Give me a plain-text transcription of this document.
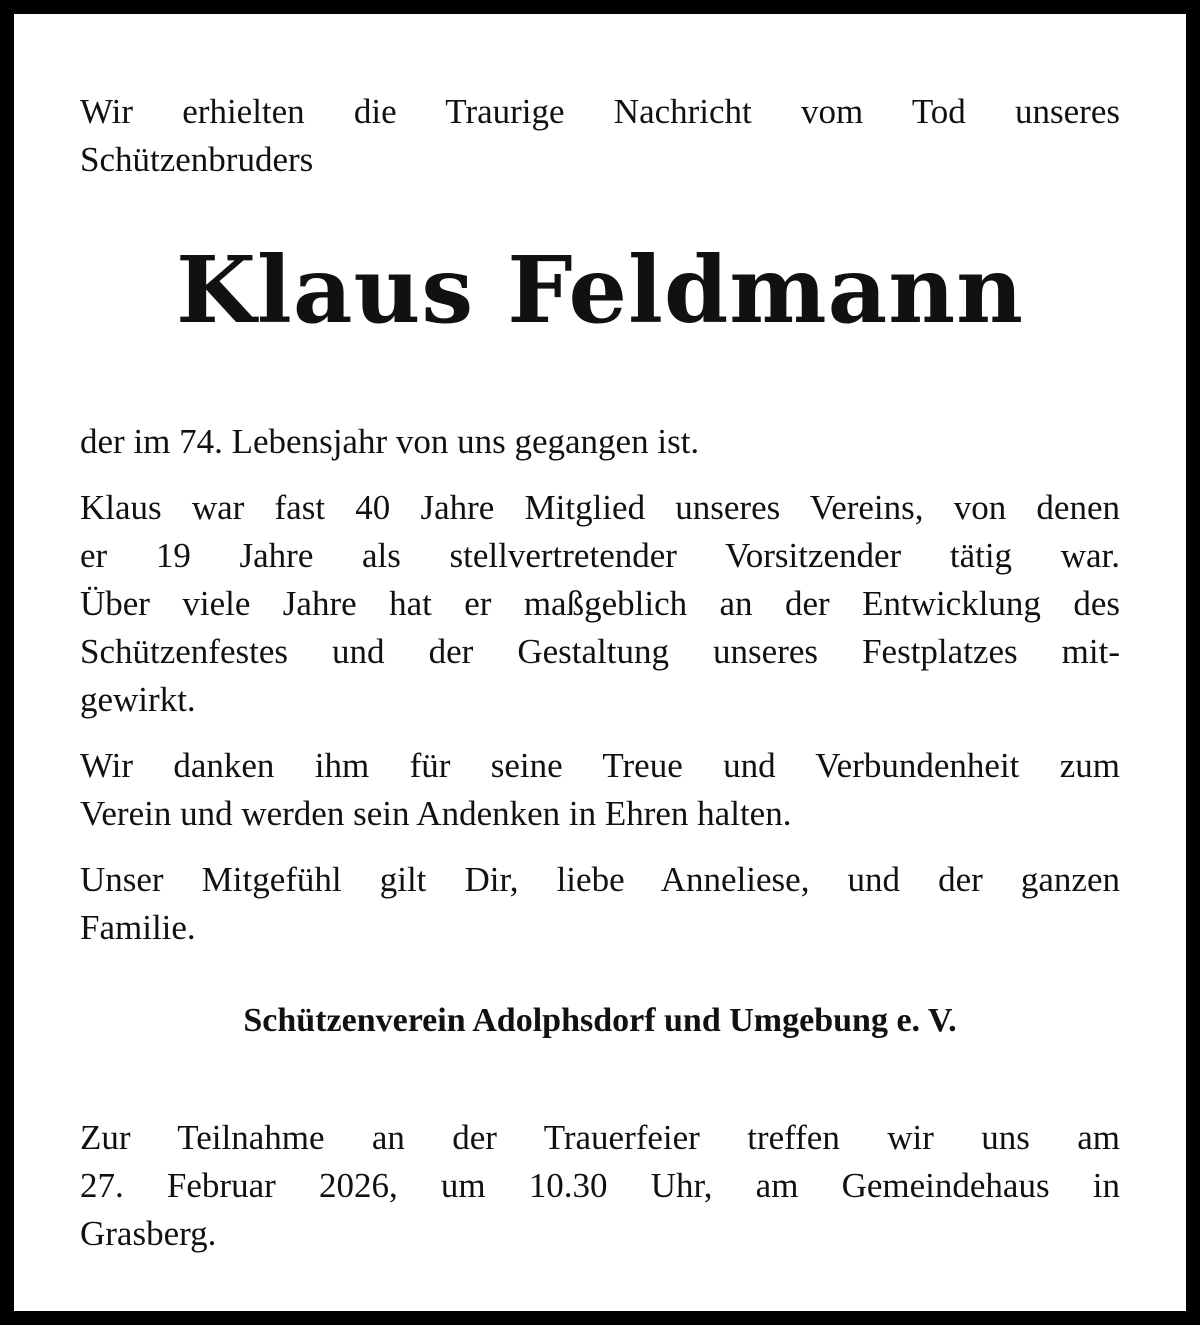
Wir erhielten die Traurige Nachricht vom Tod unseres
Schützenbruders
Klaus Feldmann
der im 74. Lebensjahr von uns gegangen ist.
Klaus war fast 40 Jahre Mitglied unseres Vereins, von denen
er 19 Jahre als stellvertretender Vorsitzender tätig war.
Über viele Jahre hat er maßgeblich an der Entwicklung des
Schützenfestes und der Gestaltung unseres Festplatzes mit-
gewirkt.
Wir danken ihm für seine Treue und Verbundenheit zum
Verein und werden sein Andenken in Ehren halten.
Unser Mitgefühl gilt Dir, liebe Anneliese, und der ganzen
Familie.
Schützenverein Adolphsdorf und Umgebung e. V.
Zur Teilnahme an der Trauerfeier treffen wir uns am
27. Februar 2026, um 10.30 Uhr, am Gemeindehaus in
Grasberg.
